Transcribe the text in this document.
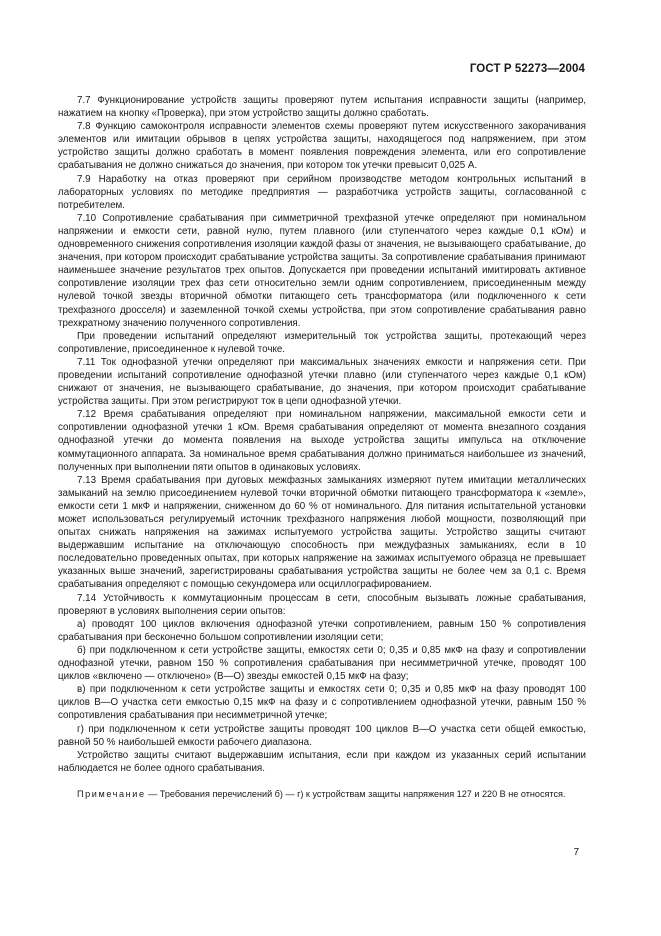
ГОСТ Р 52273—2004

7.7 Функционирование устройств защиты проверяют путем испытания исправности защиты (например, нажатием на кнопку «Проверка), при этом устройство защиты должно сработать.

7.8 Функцию самоконтроля исправности элементов схемы проверяют путем искусственного закорачивания элементов или имитации обрывов в цепях устройства защиты, находящегося под напряжением, при этом устройство защиты должно сработать в момент появления повреждения элемента, или его сопротивление срабатывания не должно снижаться до значения, при котором ток утечки превысит 0,025 А.

7.9 Наработку на отказ проверяют при серийном производстве методом контрольных испытаний в лабораторных условиях по методике предприятия — разработчика устройств защиты, согласованной с потребителем.

7.10 Сопротивление срабатывания при симметричной трехфазной утечке определяют при номинальном напряжении и емкости сети, равной нулю, путем плавного (или ступенчатого через каждые 0,1 кОм) и одновременного снижения сопротивления изоляции каждой фазы от значения, не вызывающего срабатывание, до значения, при котором происходит срабатывание устройства защиты. За сопротивление срабатывания принимают наименьшее значение результатов трех опытов. Допускается при проведении испытаний имитировать активное сопротивление изоляции трех фаз сети относительно земли одним сопротивлением, присоединенным между нулевой точкой звезды вторичной обмотки питающего сеть трансформатора (или подключенного к сети трехфазного дросселя) и заземленной точкой схемы устройства, при этом сопротивление срабатывания равно трехкратному значению полученного сопротивления.

При проведении испытаний определяют измерительный ток устройства защиты, протекающий через сопротивление, присоединенное к нулевой точке.

7.11 Ток однофазной утечки определяют при максимальных значениях емкости и напряжения сети. При проведении испытаний сопротивление однофазной утечки плавно (или ступенчатого через каждые 0,1 кОм) снижают от значения, не вызывающего срабатывание, до значения, при котором происходит срабатывание устройства защиты. При этом регистрируют ток в цепи однофазной утечки.

7.12 Время срабатывания определяют при номинальном напряжении, максимальной емкости сети и сопротивлении однофазной утечки 1 кОм. Время срабатывания определяют от момента внезапного создания однофазной утечки до момента появления на выходе устройства защиты импульса на отключение коммутационного аппарата. За номинальное время срабатывания должно приниматься наибольшее из значений, полученных при выполнении пяти опытов в одинаковых условиях.

7.13 Время срабатывания при дуговых межфазных замыканиях измеряют путем имитации металлических замыканий на землю присоединением нулевой точки вторичной обмотки питающего трансформатора к «земле», емкости сети 1 мкФ и напряжении, сниженном до 60 % от номинального. Для питания испытательной установки может использоваться регулируемый источник трехфазного напряжения любой мощности, позволяющий при опытах снижать напряжения на зажимах испытуемого устройства защиты. Устройство защиты считают выдержавшим испытание на отключающую способность при междуфазных замыканиях, если в 10 последовательно проведенных опытах, при которых напряжение на зажимах испытуемого образца не превышает указанных выше значений, зарегистрированы срабатывания устройства защиты не более чем за 0,1 с. Время срабатывания определяют с помощью секундомера или осциллографированием.

7.14 Устойчивость к коммутационным процессам в сети, способным вызывать ложные срабатывания, проверяют в условиях выполнения серии опытов:

а) проводят 100 циклов включения однофазной утечки сопротивлением, равным 150 % сопротивления срабатывания при бесконечно большом сопротивлении изоляции сети;

б) при подключенном к сети устройстве защиты, емкостях сети 0; 0,35 и 0,85 мкФ на фазу и сопротивлении однофазной утечки, равном 150 % сопротивления срабатывания при несимметричной утечке, проводят 100 циклов «включено — отключено» (В—О) звезды емкостей 0,15 мкФ на фазу;

в) при подключенном к сети устройстве защиты и емкостях сети 0; 0,35 и 0,85 мкФ на фазу проводят 100 циклов В—О участка сети емкостью 0,15 мкФ на фазу и с сопротивлением однофазной утечки, равным 150 % сопротивления срабатывания при несимметричной утечке;

г) при подключенном к сети устройстве защиты проводят 100 циклов В—О участка сети общей емкостью, равной 50 % наибольшей емкости рабочего диапазона.

Устройство защиты считают выдержавшим испытания, если при каждом из указанных серий испытании наблюдается не более одного срабатывания.

Примечание — Требования перечислений б) — г) к устройствам защиты напряжения 127 и 220 В не относятся.

7
